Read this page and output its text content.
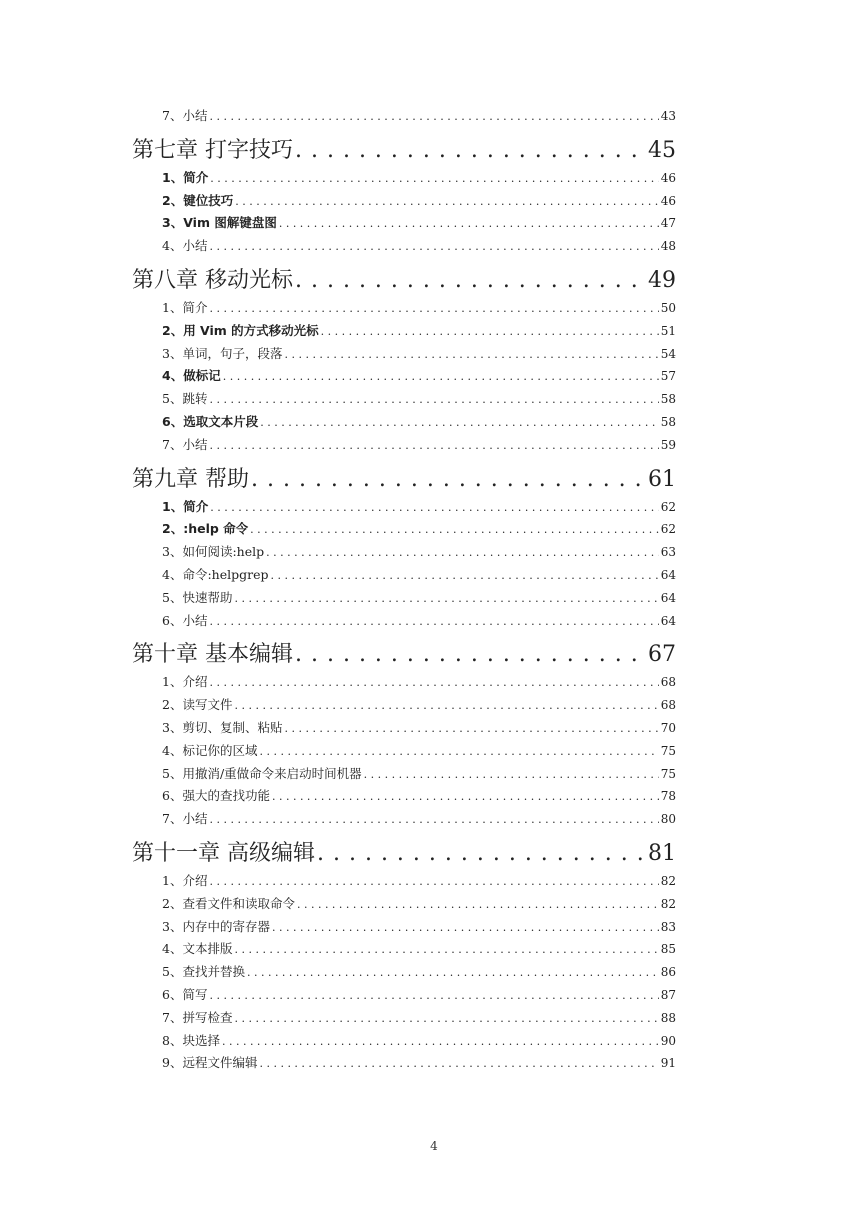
7、 小结 . . .	43
第七章 打字技巧 . . .	45
1、 简介 . . .	46
2、 键位技巧 . . .	46
3、 Vim 图解键盘图 . . .	47
4、 小结 . . .	48
第八章 移动光标 . . .	49
1、 简介 . . .	50
2、 用 Vim 的方式移动光标 . . .	51
3、 单词，句子，段落 . . .	54
4、 做标记 . . .	57
5、 跳转 . . .	58
6、 选取文本片段 . . .	58
7、 小结 . . .	59
第九章 帮助 . . .	61
1、 简介 . . .	62
2、 :help 命令 . . .	62
3、 如何阅读:help . . .	63
4、 命令:helpgrep . . .	64
5、 快速帮助 . . .	64
6、 小结 . . .	64
第十章 基本编辑 . . .	67
1、 介绍 . . .	68
2、 读写文件 . . .	68
3、 剪切、复制、粘贴 . . .	70
4、 标记你的区域 . . .	75
5、 用撤消/重做命令来启动时间机器 . . .	75
6、 强大的查找功能 . . .	78
7、 小结 . . .	80
第十一章 高级编辑 . . .	81
1、 介绍 . . .	82
2、 查看文件和读取命令 . . .	82
3、 内存中的寄存器 . . .	83
4、 文本排版 . . .	85
5、 查找并替换 . . .	86
6、 简写 . . .	87
7、 拼写检查 . . .	88
8、 块选择 . . .	90
9、 远程文件编辑 . . .	91
4
